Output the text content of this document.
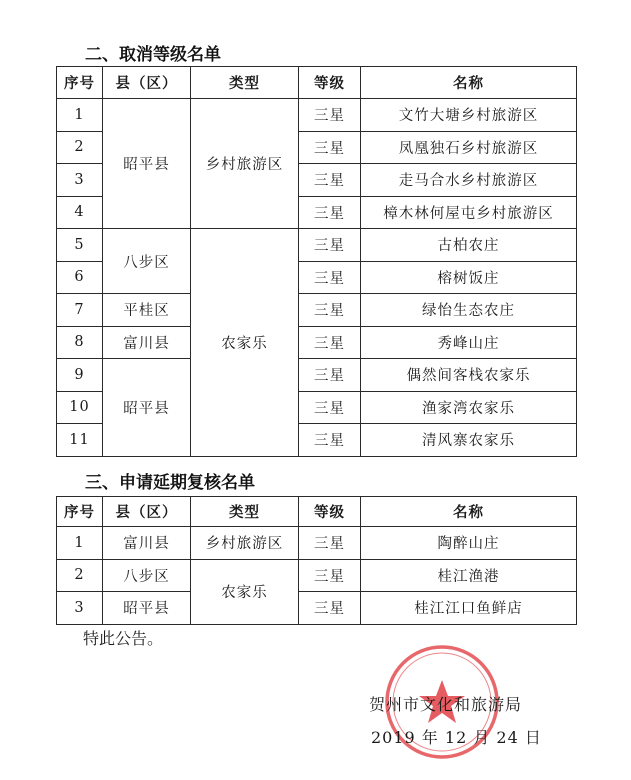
二、取消等级名单
序号	县（区）	类型	等级	名称
1	昭平县	乡村旅游区	三星	文竹大塘乡村旅游区
2			三星	凤凰独石乡村旅游区
3			三星	走马合水乡村旅游区
4			三星	樟木林何屋屯乡村旅游区
5	八步区	农家乐	三星	古柏农庄
6			三星	榕树饭庄
7	平桂区		三星	绿怡生态农庄
8	富川县		三星	秀峰山庄
9	昭平县		三星	偶然间客栈农家乐
10			三星	渔家湾农家乐
11			三星	清风寨农家乐
三、申请延期复核名单
序号	县（区）	类型	等级	名称
1	富川县	乡村旅游区	三星	陶醉山庄
2	八步区	农家乐	三星	桂江渔港
3	昭平县		三星	桂江江口鱼鲜店
特此公告。
贺州市文化和旅游局
2019 年 12 月 24 日
